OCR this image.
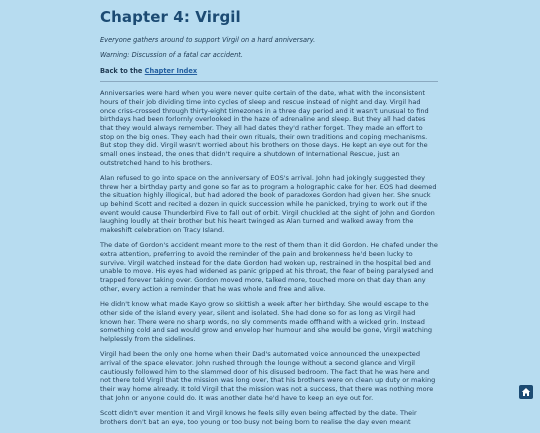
Chapter 4: Virgil

Everyone gathers around to support Virgil on a hard anniversary.

Warning: Discussion of a fatal car accident.

Back to the Chapter Index

Anniversaries were hard when you were never quite certain of the date, what with the inconsistent hours of their job dividing time into cycles of sleep and rescue instead of night and day. Virgil had once criss-crossed through thirty-eight timezones in a three day period and it wasn't unusual to find birthdays had been forlornly overlooked in the haze of adrenaline and sleep. But they all had dates that they would always remember. They all had dates they'd rather forget. They made an effort to stop on the big ones. They each had their own rituals, their own traditions and coping mechanisms. But stop they did. Virgil wasn't worried about his brothers on those days. He kept an eye out for the small ones instead, the ones that didn't require a shutdown of International Rescue, just an outstretched hand to his brothers.

Alan refused to go into space on the anniversary of EOS's arrival. John had jokingly suggested they threw her a birthday party and gone so far as to program a holographic cake for her. EOS had deemed the situation highly illogical, but had adored the book of paradoxes Gordon had given her. She snuck up behind Scott and recited a dozen in quick succession while he panicked, trying to work out if the event would cause Thunderbird Five to fall out of orbit. Virgil chuckled at the sight of John and Gordon laughing loudly at their brother but his heart twinged as Alan turned and walked away from the makeshift celebration on Tracy Island.

The date of Gordon's accident meant more to the rest of them than it did Gordon. He chafed under the extra attention, preferring to avoid the reminder of the pain and brokenness he'd been lucky to survive. Virgil watched instead for the date Gordon had woken up, restrained in the hospital bed and unable to move. His eyes had widened as panic gripped at his throat, the fear of being paralysed and trapped forever taking over. Gordon moved more, talked more, touched more on that day than any other, every action a reminder that he was whole and free and alive.

He didn't know what made Kayo grow so skittish a week after her birthday. She would escape to the other side of the island every year, silent and isolated. She had done so for as long as Virgil had known her. There were no sharp words, no sly comments made offhand with a wicked grin. Instead something cold and sad would grow and envelop her humour and she would be gone, Virgil watching helplessly from the sidelines.

Virgil had been the only one home when their Dad's automated voice announced the unexpected arrival of the space elevator. John rushed through the lounge without a second glance and Virgil cautiously followed him to the slammed door of his disused bedroom. The fact that he was here and not there told Virgil that the mission was long over, that his brothers were on clean up duty or making their way home already. It told Virgil that the mission was not a success, that there was nothing more that John or anyone could do. It was another date he'd have to keep an eye out for.

Scott didn't ever mention it and Virgil knows he feels silly even being affected by the date. Their brothers don't bat an eye, too young or too busy not being born to realise the day even meant
